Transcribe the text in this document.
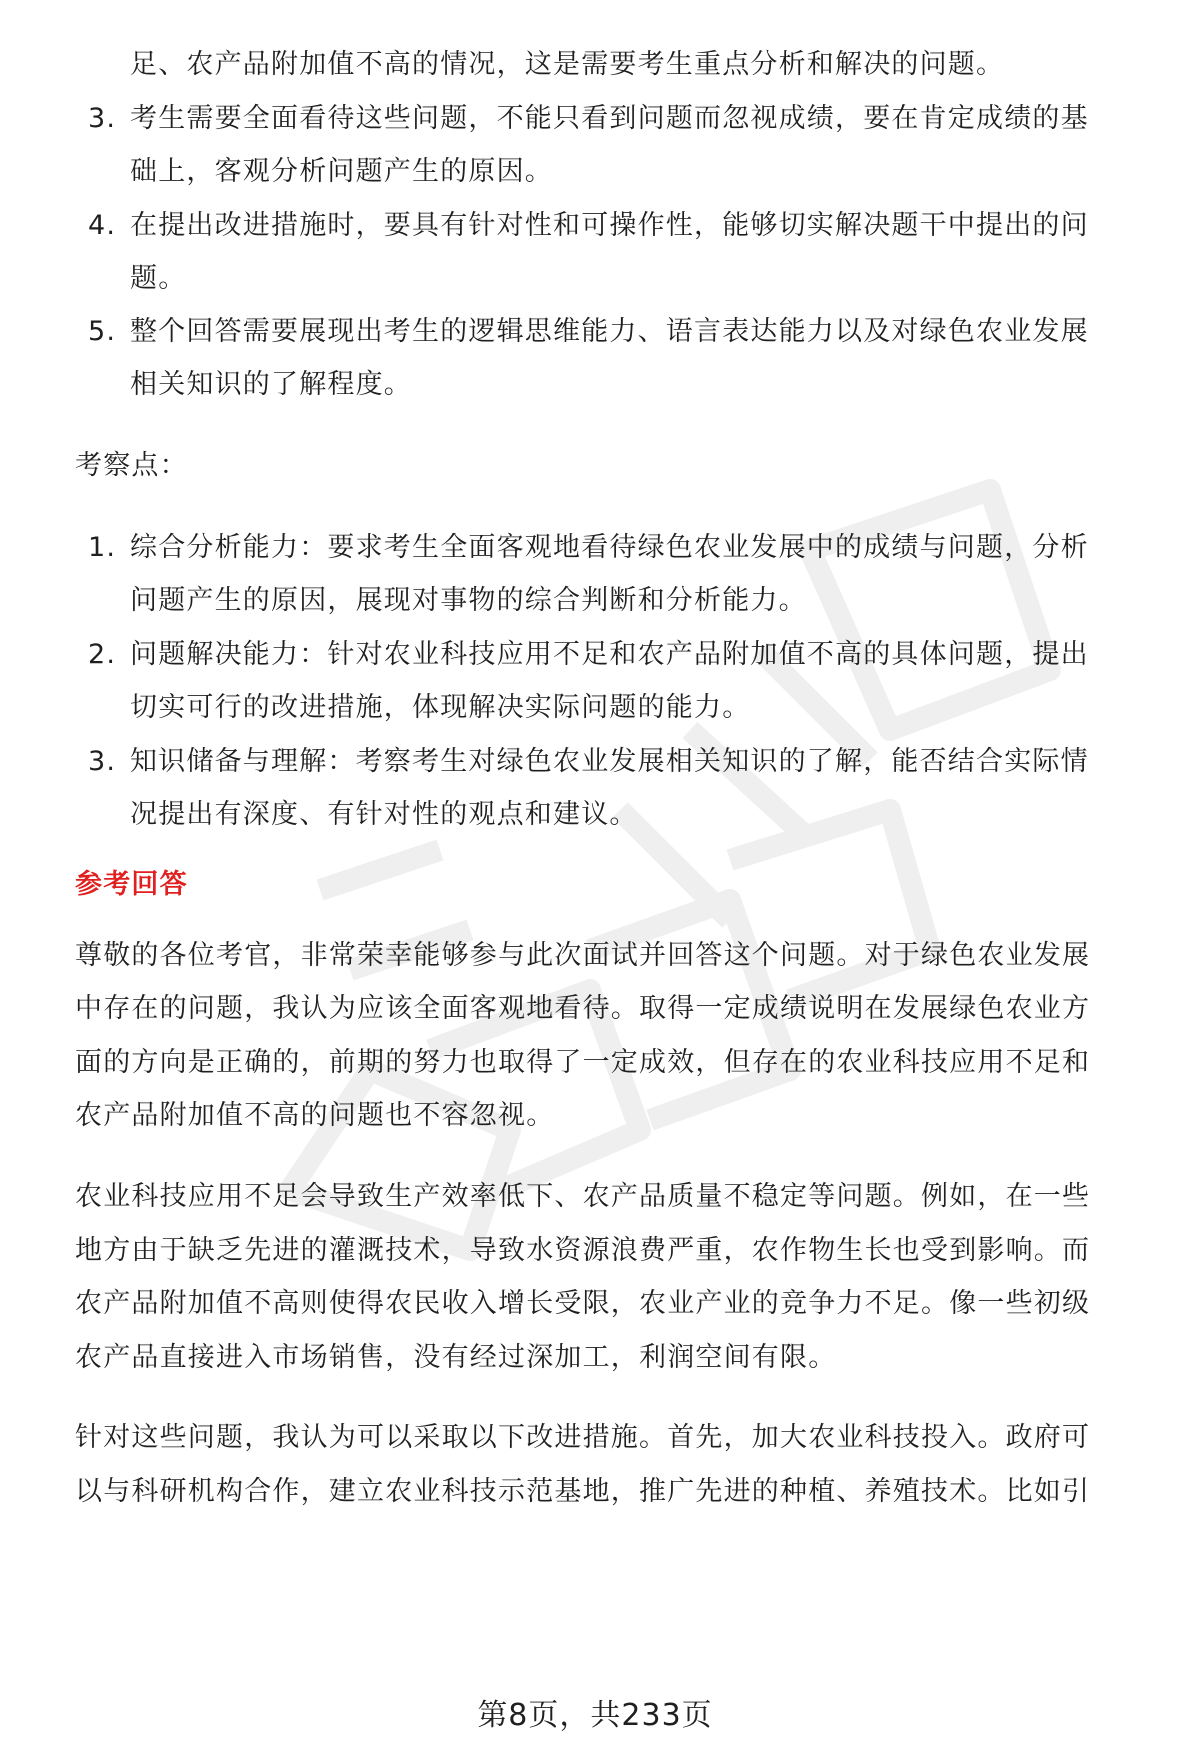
足、农产品附加值不高的情况，这是需要考生重点分析和解决的问题。
3. 考生需要全面看待这些问题，不能只看到问题而忽视成绩，要在肯定成绩的基
础上，客观分析问题产生的原因。
4. 在提出改进措施时，要具有针对性和可操作性，能够切实解决题干中提出的问
题。
5. 整个回答需要展现出考生的逻辑思维能力、语言表达能力以及对绿色农业发展
相关知识的了解程度。
考察点：
1. 综合分析能力：要求考生全面客观地看待绿色农业发展中的成绩与问题，分析
问题产生的原因，展现对事物的综合判断和分析能力。
2. 问题解决能力：针对农业科技应用不足和农产品附加值不高的具体问题，提出
切实可行的改进措施，体现解决实际问题的能力。
3. 知识储备与理解：考察考生对绿色农业发展相关知识的了解，能否结合实际情
况提出有深度、有针对性的观点和建议。
参考回答
尊敬的各位考官，非常荣幸能够参与此次面试并回答这个问题。对于绿色农业发展
中存在的问题，我认为应该全面客观地看待。取得一定成绩说明在发展绿色农业方
面的方向是正确的，前期的努力也取得了一定成效，但存在的农业科技应用不足和
农产品附加值不高的问题也不容忽视。
农业科技应用不足会导致生产效率低下、农产品质量不稳定等问题。例如，在一些
地方由于缺乏先进的灌溉技术，导致水资源浪费严重，农作物生长也受到影响。而
农产品附加值不高则使得农民收入增长受限，农业产业的竞争力不足。像一些初级
农产品直接进入市场销售，没有经过深加工，利润空间有限。
针对这些问题，我认为可以采取以下改进措施。首先，加大农业科技投入。政府可
以与科研机构合作，建立农业科技示范基地，推广先进的种植、养殖技术。比如引
第8页，共233页
